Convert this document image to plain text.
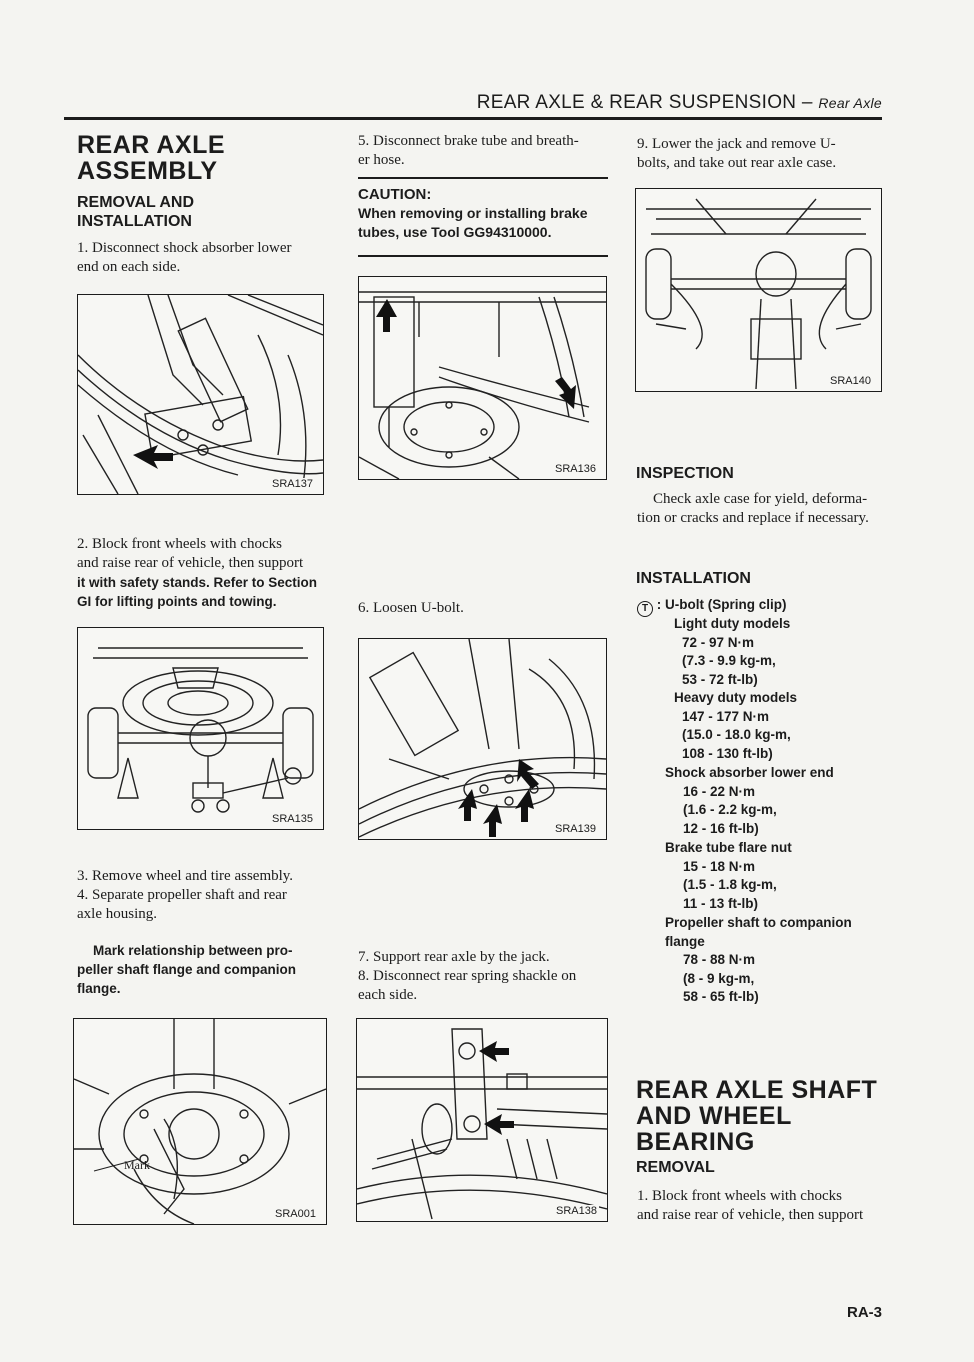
REAR AXLE & REAR SUSPENSION – Rear Axle
REAR AXLE
ASSEMBLY
REMOVAL AND
INSTALLATION
1. Disconnect shock absorber lower
end on each side.
SRA137
2. Block front wheels with chocks
and raise rear of vehicle, then support
it with safety stands. Refer to Section
GI for lifting points and towing.
SRA135
3. Remove wheel and tire assembly.
4. Separate propeller shaft and rear
axle housing.
Mark relationship between pro-
peller shaft flange and companion
flange.
Mark
SRA001
5. Disconnect brake tube and breath-
er hose.
CAUTION:
When removing or installing brake
tubes, use Tool GG94310000.
SRA136
6. Loosen U-bolt.
SRA139
7. Support rear axle by the jack.
8. Disconnect rear spring shackle on
each side.
SRA138
9. Lower the jack and remove U-
bolts, and take out rear axle case.
SRA140
INSPECTION
Check axle case for yield, deforma-
tion or cracks and replace if necessary.
INSTALLATION
T : U-bolt (Spring clip)
Light duty models
72 - 97 N·m
(7.3 - 9.9 kg-m,
53 - 72 ft-lb)
Heavy duty models
147 - 177 N·m
(15.0 - 18.0 kg-m,
108 - 130 ft-lb)
Shock absorber lower end
16 - 22 N·m
(1.6 - 2.2 kg-m,
12 - 16 ft-lb)
Brake tube flare nut
15 - 18 N·m
(1.5 - 1.8 kg-m,
11 - 13 ft-lb)
Propeller shaft to companion
flange
78 - 88 N·m
(8 - 9 kg-m,
58 - 65 ft-lb)
REAR AXLE SHAFT
AND WHEEL
BEARING
REMOVAL
1. Block front wheels with chocks
and raise rear of vehicle, then support
RA-3
